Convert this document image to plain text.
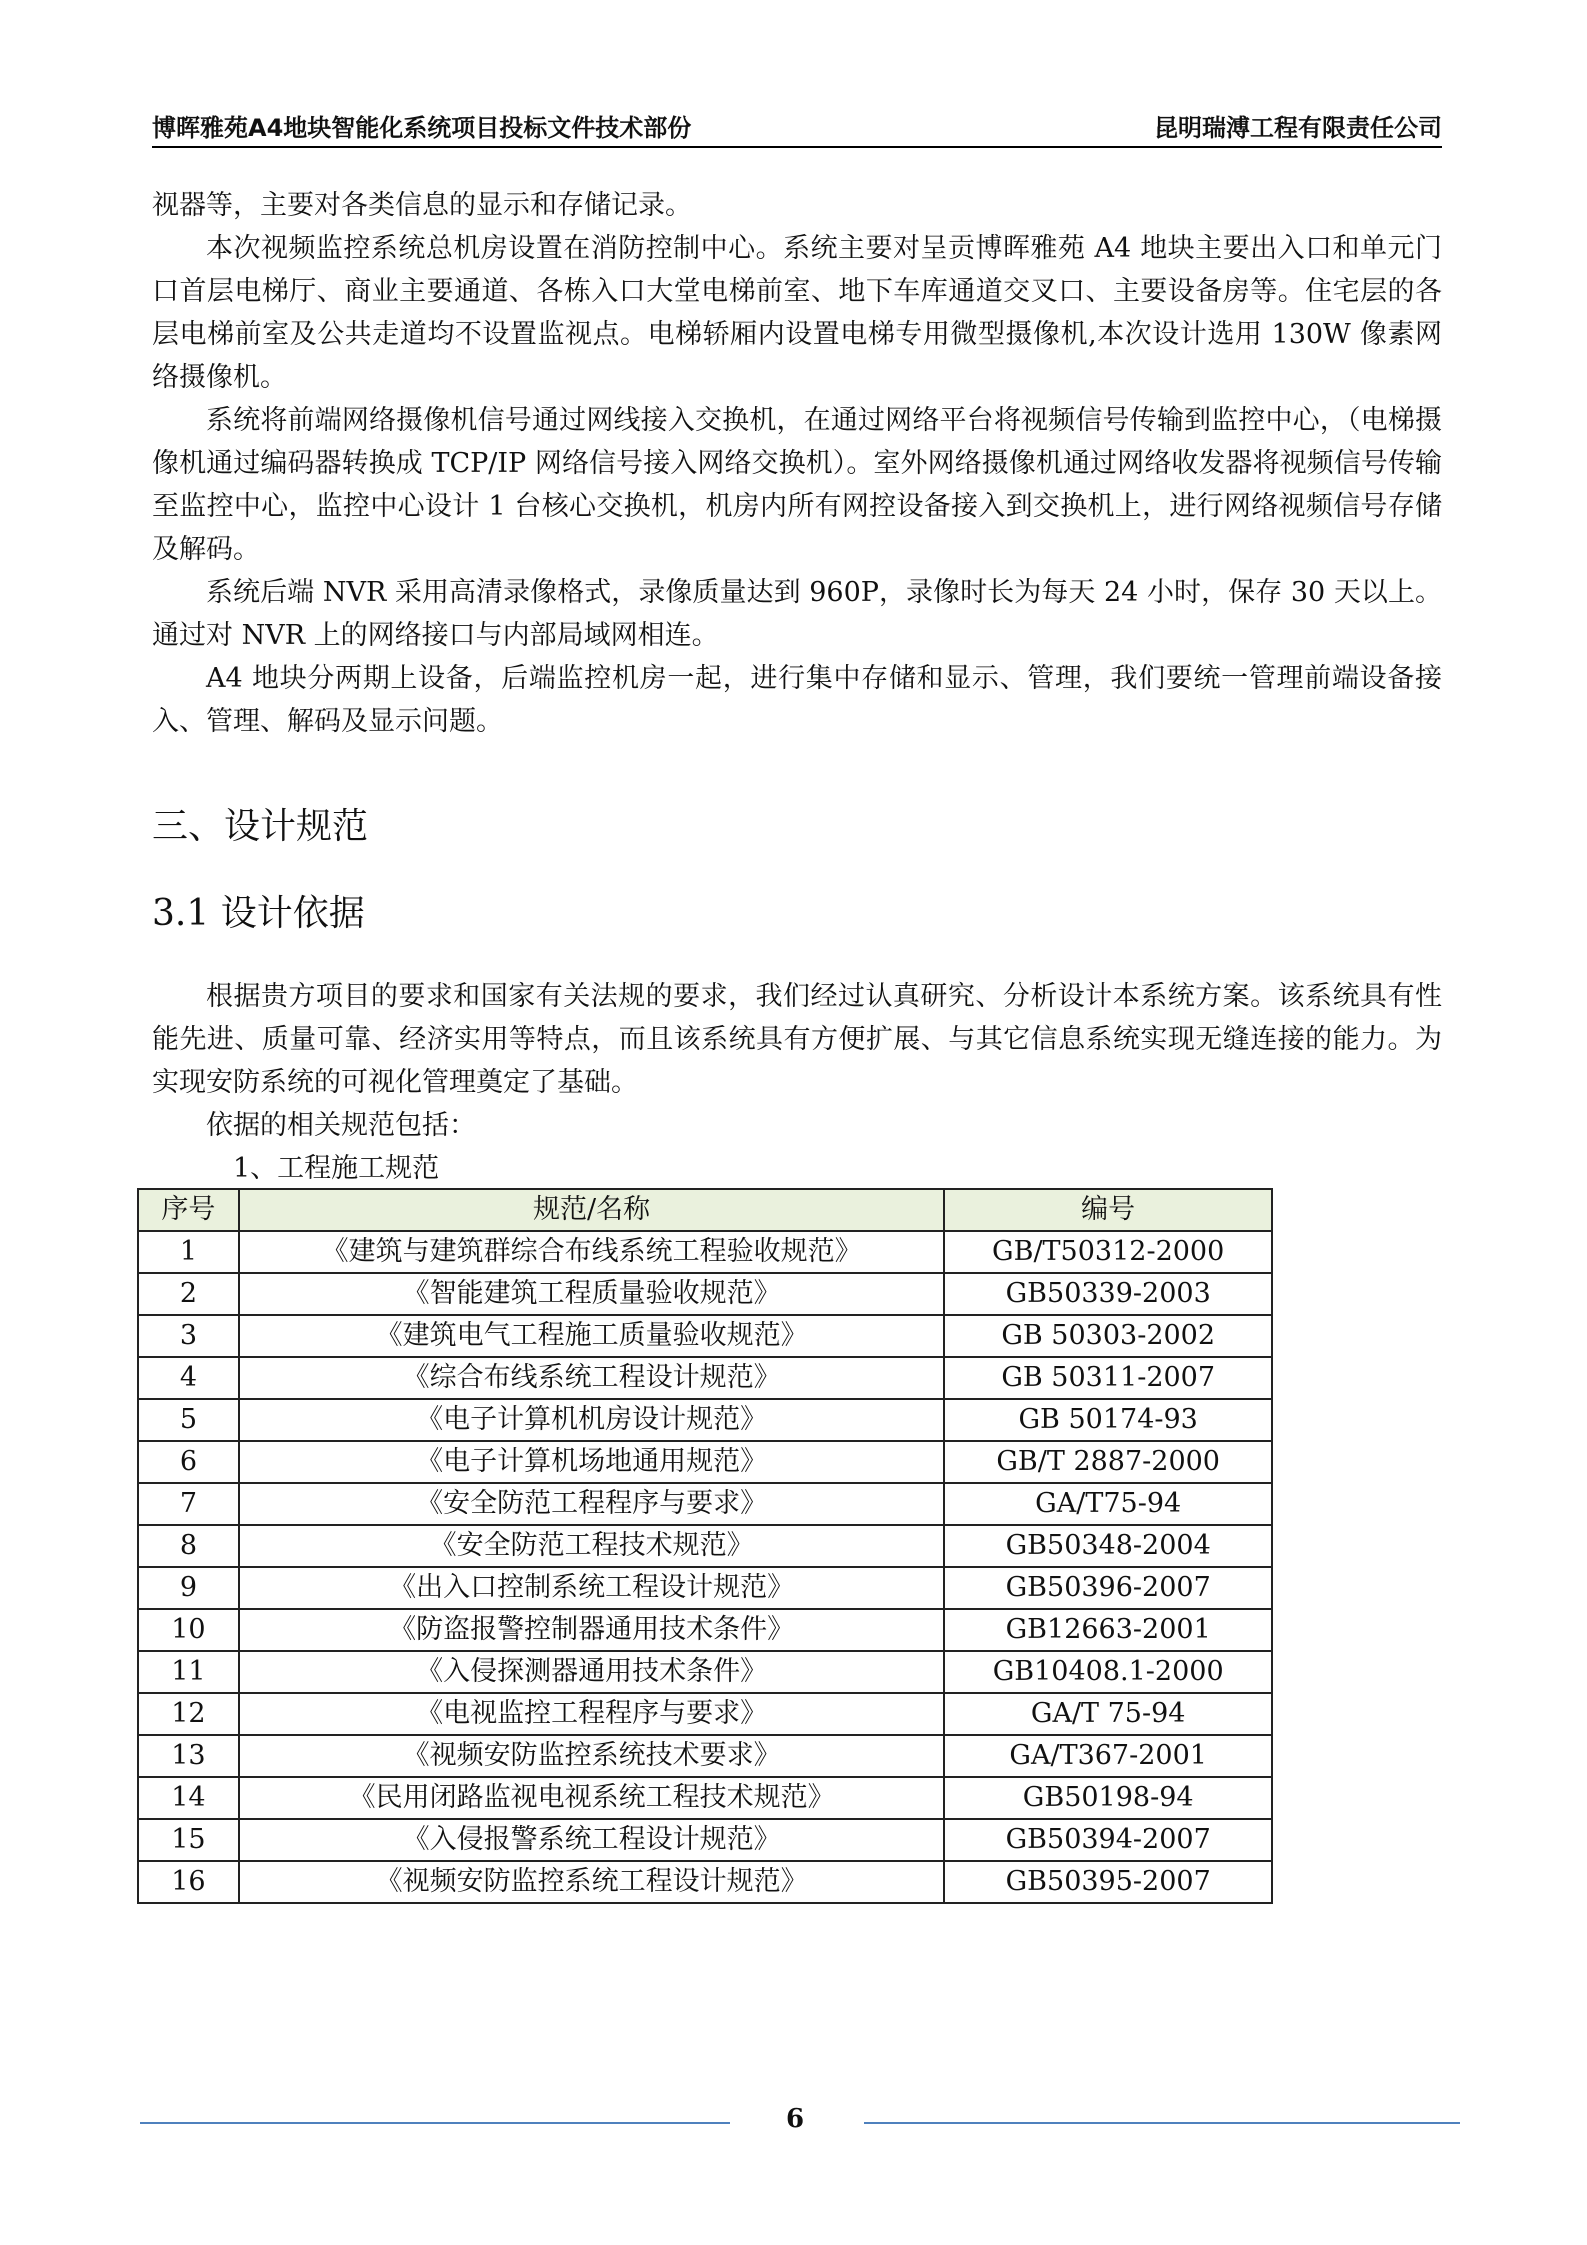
博晖雅苑A4地块智能化系统项目投标文件技术部份	昆明瑞溥工程有限责任公司

视器等，主要对各类信息的显示和存储记录。

本次视频监控系统总机房设置在消防控制中心。系统主要对呈贡博晖雅苑 A4 地块主要出入口和单元门口首层电梯厅、商业主要通道、各栋入口大堂电梯前室、地下车库通道交叉口、主要设备房等。住宅层的各层电梯前室及公共走道均不设置监视点。电梯轿厢内设置电梯专用微型摄像机,本次设计选用 130W 像素网络摄像机。

系统将前端网络摄像机信号通过网线接入交换机，在通过网络平台将视频信号传输到监控中心，（电梯摄像机通过编码器转换成 TCP/IP 网络信号接入网络交换机）。室外网络摄像机通过网络收发器将视频信号传输至监控中心，监控中心设计 1 台核心交换机，机房内所有网控设备接入到交换机上，进行网络视频信号存储及解码。

系统后端 NVR 采用高清录像格式，录像质量达到 960P，录像时长为每天 24 小时，保存 30 天以上。通过对 NVR 上的网络接口与内部局域网相连。

A4 地块分两期上设备，后端监控机房一起，进行集中存储和显示、管理，我们要统一管理前端设备接入、管理、解码及显示问题。

三、设计规范
3.1 设计依据

根据贵方项目的要求和国家有关法规的要求，我们经过认真研究、分析设计本系统方案。该系统具有性能先进、质量可靠、经济实用等特点，而且该系统具有方便扩展、与其它信息系统实现无缝连接的能力。为实现安防系统的可视化管理奠定了基础。

依据的相关规范包括：

1、工程施工规范

序号	规范/名称	编号
1	《建筑与建筑群综合布线系统工程验收规范》	GB/T50312-2000
2	《智能建筑工程质量验收规范》	GB50339-2003
3	《建筑电气工程施工质量验收规范》	GB 50303-2002
4	《综合布线系统工程设计规范》	GB 50311-2007
5	《电子计算机机房设计规范》	GB 50174-93
6	《电子计算机场地通用规范》	GB/T 2887-2000
7	《安全防范工程程序与要求》	GA/T75-94
8	《安全防范工程技术规范》	GB50348-2004
9	《出入口控制系统工程设计规范》	GB50396-2007
10	《防盗报警控制器通用技术条件》	GB12663-2001
11	《入侵探测器通用技术条件》	GB10408.1-2000
12	《电视监控工程程序与要求》	GA/T 75-94
13	《视频安防监控系统技术要求》	GA/T367-2001
14	《民用闭路监视电视系统工程技术规范》	GB50198-94
15	《入侵报警系统工程设计规范》	GB50394-2007
16	《视频安防监控系统工程设计规范》	GB50395-2007
6
